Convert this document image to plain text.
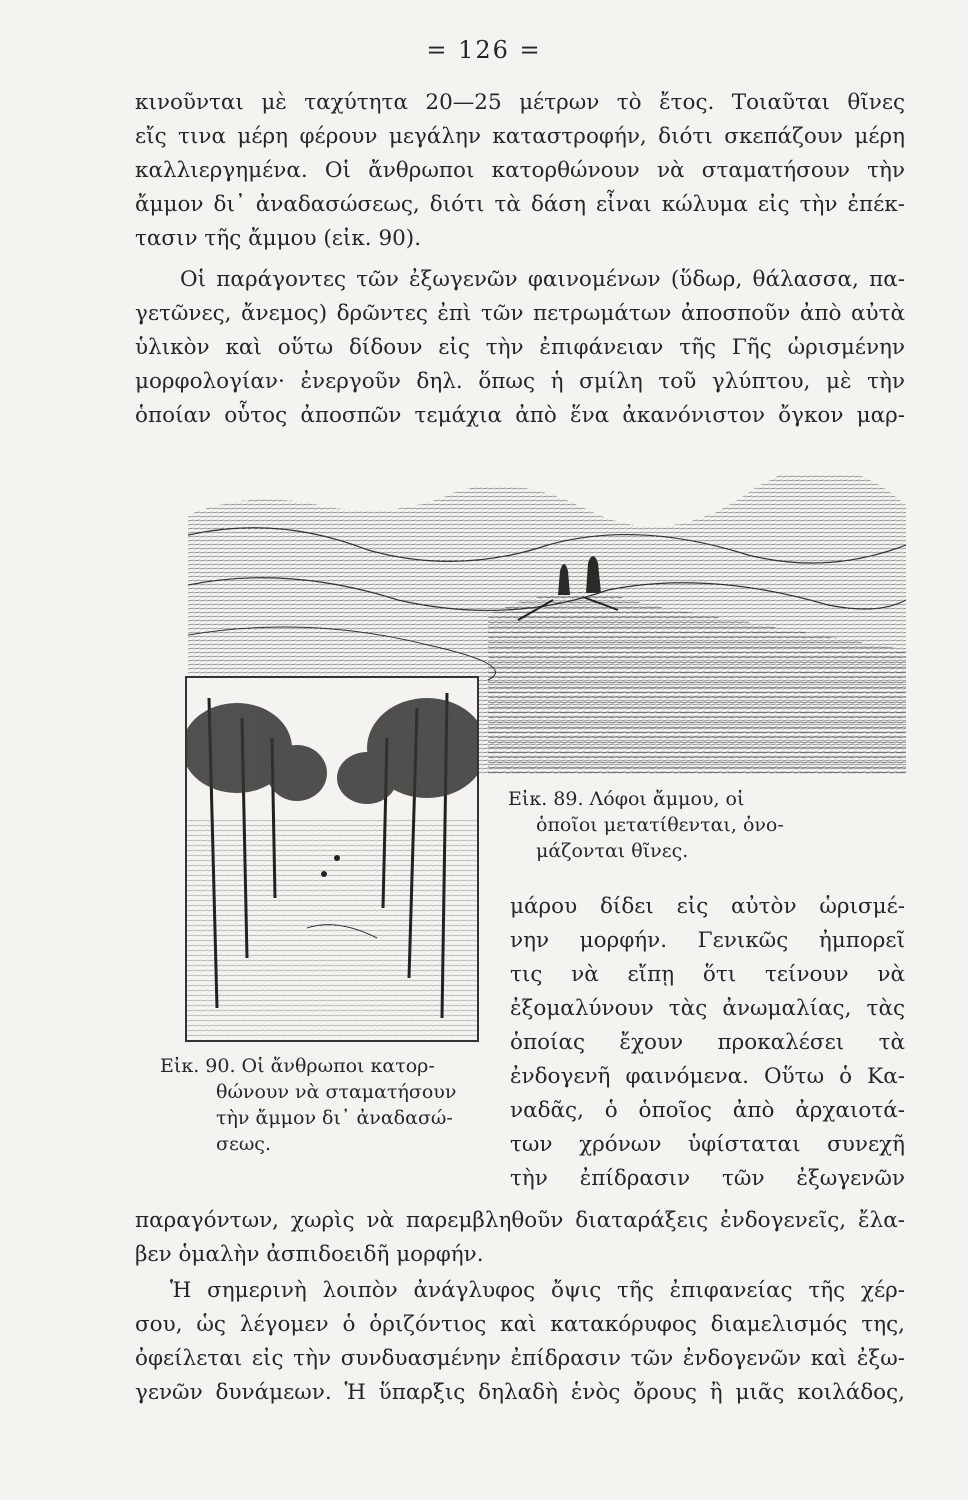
= 126 =
κινοῦνται μὲ ταχύτητα 20—25 μέτρων τὸ ἔτος. Τοιαῦται θῖνες
εἴς τινα μέρη φέρουν μεγάλην καταστροφήν, διότι σκεπάζουν μέρη
καλλιεργημένα. Οἱ ἄνθρωποι κατορθώνουν νὰ σταματήσουν τὴν
ἄμμον δι᾽ ἀναδασώσεως, διότι τὰ δάση εἶναι κώλυμα εἰς τὴν ἐπέκ-
τασιν τῆς ἄμμου (εἰκ. 90).
Οἱ παράγοντες τῶν ἐξωγενῶν φαινομένων (ὕδωρ, θάλασσα, πα-
γετῶνες, ἄνεμος) δρῶντες ἐπὶ τῶν πετρωμάτων ἀποσποῦν ἀπὸ αὐτὰ
ὑλικὸν καὶ οὕτω δίδουν εἰς τὴν ἐπιφάνειαν τῆς Γῆς ὡρισμένην
μορφολογίαν· ἐνεργοῦν δηλ. ὅπως ἡ σμίλη τοῦ γλύπτου, μὲ τὴν
ὁποίαν οὗτος ἀποσπῶν τεμάχια ἀπὸ ἕνα ἀκανόνιστον ὄγκον μαρ-
Εἰκ. 89. Λόφοι ἄμμου, οἱ
ὁποῖοι μετατίθενται, ὀνο-
μάζονται θῖνες.
μάρου δίδει εἰς αὐτὸν ὡρισμέ-
νην μορφήν. Γενικῶς ἠμπορεῖ
τις νὰ εἴπῃ ὅτι τείνουν νὰ
ἐξομαλύνουν τὰς ἀνωμαλίας, τὰς
ὁποίας ἔχουν προκαλέσει τὰ
ἐνδογενῆ φαινόμενα. Οὕτω ὁ Κα-
ναδᾶς, ὁ ὁποῖος ἀπὸ ἀρχαιοτά-
των χρόνων ὑφίσταται συνεχῆ
τὴν ἐπίδρασιν τῶν ἐξωγενῶν
Εἰκ. 90. Οἱ ἄνθρωποι κατορ-
θώνουν νὰ σταματήσουν
τὴν ἄμμον δι᾽ ἀναδασώ-
σεως.
παραγόντων, χωρὶς νὰ παρεμβληθοῦν διαταράξεις ἐνδογενεῖς, ἔλα-
βεν ὁμαλὴν ἀσπιδοειδῆ μορφήν.
Ἡ σημερινὴ λοιπὸν ἀνάγλυφος ὄψις τῆς ἐπιφανείας τῆς χέρ-
σου, ὡς λέγομεν ὁ ὁριζόντιος καὶ κατακόρυφος διαμελισμός της,
ὀφείλεται εἰς τὴν συνδυασμένην ἐπίδρασιν τῶν ἐνδογενῶν καὶ ἐξω-
γενῶν δυνάμεων. Ἡ ὕπαρξις δηλαδὴ ἑνὸς ὄρους ἢ μιᾶς κοιλάδος,
